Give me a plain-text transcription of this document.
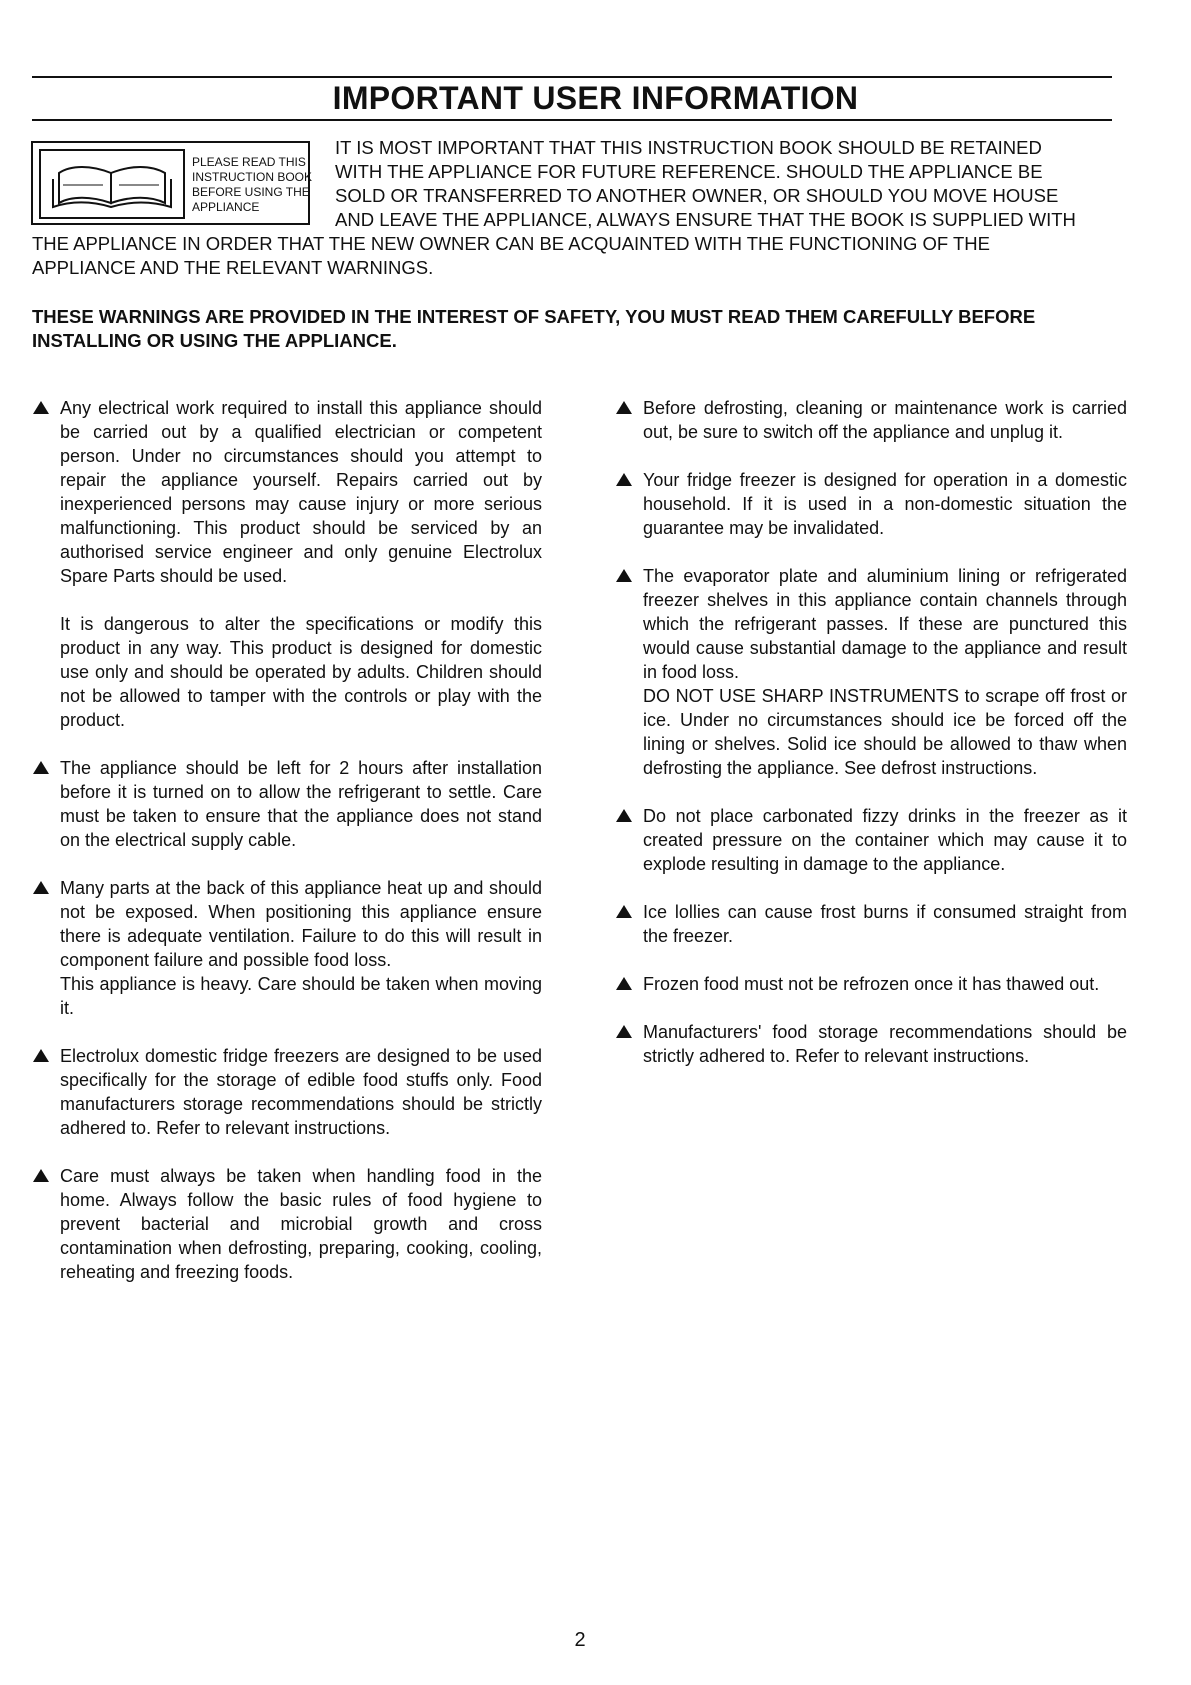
IMPORTANT USER INFORMATION
PLEASE READ THIS
INSTRUCTION BOOK
BEFORE USING THE
APPLIANCE
IT IS MOST IMPORTANT THAT THIS INSTRUCTION BOOK SHOULD BE RETAINED
WITH THE APPLIANCE FOR FUTURE REFERENCE. SHOULD THE APPLIANCE BE
SOLD OR TRANSFERRED TO ANOTHER OWNER, OR SHOULD YOU MOVE HOUSE
AND LEAVE THE APPLIANCE, ALWAYS ENSURE THAT THE BOOK IS SUPPLIED WITH
THE APPLIANCE IN ORDER THAT THE NEW OWNER CAN BE ACQUAINTED WITH THE FUNCTIONING OF THE
APPLIANCE AND THE RELEVANT WARNINGS.
THESE WARNINGS ARE PROVIDED IN THE INTEREST OF SAFETY, YOU MUST READ THEM CAREFULLY BEFORE INSTALLING OR USING THE APPLIANCE.

Any electrical work required to install this appliance should be carried out by a qualified electrician or competent person. Under no circumstances should you attempt to repair the appliance yourself. Repairs carried out by inexperienced persons may cause injury or more serious malfunctioning. This product should be serviced by an authorised service engineer and only genuine Electrolux Spare Parts should be used.

It is dangerous to alter the specifications or modify this product in any way. This product is designed for domestic use only and should be operated by adults. Children should not be allowed to tamper with the controls or play with the product.

The appliance should be left for 2 hours after installation before it is turned on to allow the refrigerant to settle. Care must be taken to ensure that the appliance does not stand on the electrical supply cable.

Many parts at the back of this appliance heat up and should not be exposed. When positioning this appliance ensure there is adequate ventilation. Failure to do this will result in component failure and possible food loss.

This appliance is heavy. Care should be taken when moving it.

Electrolux domestic fridge freezers are designed to be used specifically for the storage of edible food stuffs only. Food manufacturers storage recommendations should be strictly adhered to. Refer to relevant instructions.

Care must always be taken when handling food in the home. Always follow the basic rules of food hygiene to prevent bacterial and microbial growth and cross contamination when defrosting, preparing, cooking, cooling, reheating and freezing foods.

Before defrosting, cleaning or maintenance work is carried out, be sure to switch off the appliance and unplug it.

Your fridge freezer is designed for operation in a domestic household. If it is used in a non-domestic situation the guarantee may be invalidated.

The evaporator plate and aluminium lining or refrigerated freezer shelves in this appliance contain channels through which the refrigerant passes. If these are punctured this would cause substantial damage to the appliance and result in food loss.

DO NOT USE SHARP INSTRUMENTS to scrape off frost or ice. Under no circumstances should ice be forced off the lining or shelves. Solid ice should be allowed to thaw when defrosting the appliance. See defrost instructions.

Do not place carbonated fizzy drinks in the freezer as it created pressure on the container which may cause it to explode resulting in damage to the appliance.

Ice lollies can cause frost burns if consumed straight from the freezer.

Frozen food must not be refrozen once it has thawed out.

Manufacturers' food storage recommendations should be strictly adhered to. Refer to relevant instructions.

2
